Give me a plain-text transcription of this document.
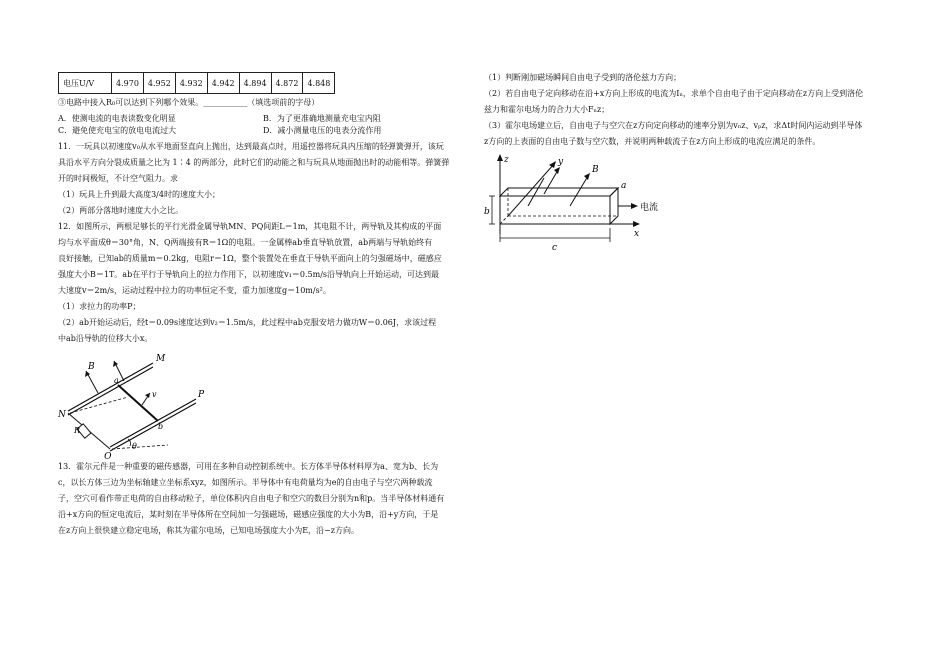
电压U/V	4.970	4.952	4.932	4.942	4.894	4.872	4.848
③电路中接入R₀可以达到下列哪个效果。___________（填选项前的字母）
A．使测电流的电表读数变化明显	B．为了更准确地测量充电宝内阻
C．避免使充电宝的放电电流过大	D．减小测量电压的电表分流作用
11．一玩具以初速度v₀从水平地面竖直向上抛出，达到最高点时，用遥控器将玩具内压缩的轻弹簧弹开，该玩
具沿水平方向分裂成质量之比为 1∶4 的两部分，此时它们的动能之和与玩具从地面抛出时的动能相等。弹簧弹
开的时间极短，不计空气阻力。求
（1）玩具上升到最大高度3/4时的速度大小；
（2）两部分落地时速度大小之比。
12．如图所示，两根足够长的平行光滑金属导轨MN、PQ间距L＝1m，其电阻不计，两导轨及其构成的平面
均与水平面成θ＝30°角，N、Q两端接有R＝1Ω的电阻。一金属棒ab垂直导轨放置，ab两端与导轨始终有
良好接触，已知ab的质量m＝0.2kg，电阻r＝1Ω，整个装置处在垂直于导轨平面向上的匀强磁场中，磁感应
强度大小B＝1T。ab在平行于导轨向上的拉力作用下，以初速度v₁＝0.5m/s沿导轨向上开始运动，可达到最
大速度v＝2m/s，运动过程中拉力的功率恒定不变，重力加速度g＝10m/s²。
（1）求拉力的功率P；
（2）ab开始运动后，经t＝0.09s速度达到v₂＝1.5m/s，此过程中ab克服安培力做功W＝0.06J，求该过程
中ab沿导轨的位移大小x。
M
P
N
Q
R
B
a
b
v
θ
13．霍尔元件是一种重要的磁传感器，可用在多种自动控制系统中。长方体半导体材料厚为a、宽为b、长为
c，以长方体三边为坐标轴建立坐标系xyz，如图所示。半导体中有电荷量均为e的自由电子与空穴两种载流
子，空穴可看作带正电荷的自由移动粒子，单位体积内自由电子和空穴的数目分别为n和p。当半导体材料通有
沿+x方向的恒定电流后，某时刻在半导体所在空间加一匀强磁场，磁感应强度的大小为B，沿+y方向，于是
在z方向上很快建立稳定电场，称其为霍尔电场，已知电场强度大小为E，沿−z方向。
（1）判断刚加磁场瞬间自由电子受到的洛伦兹力方向；
（2）若自由电子定向移动在沿+x方向上形成的电流为Iₙ，求单个自由电子由于定向移动在z方向上受到洛伦
兹力和霍尔电场力的合力大小Fₙz；
（3）霍尔电场建立后，自由电子与空穴在z方向定向移动的速率分别为vₙz、vₚz，求Δt时间内运动到半导体
z方向的上表面的自由电子数与空穴数，并说明两种载流子在z方向上形成的电流应满足的条件。
z	y
x
B
a
b
c
电流
